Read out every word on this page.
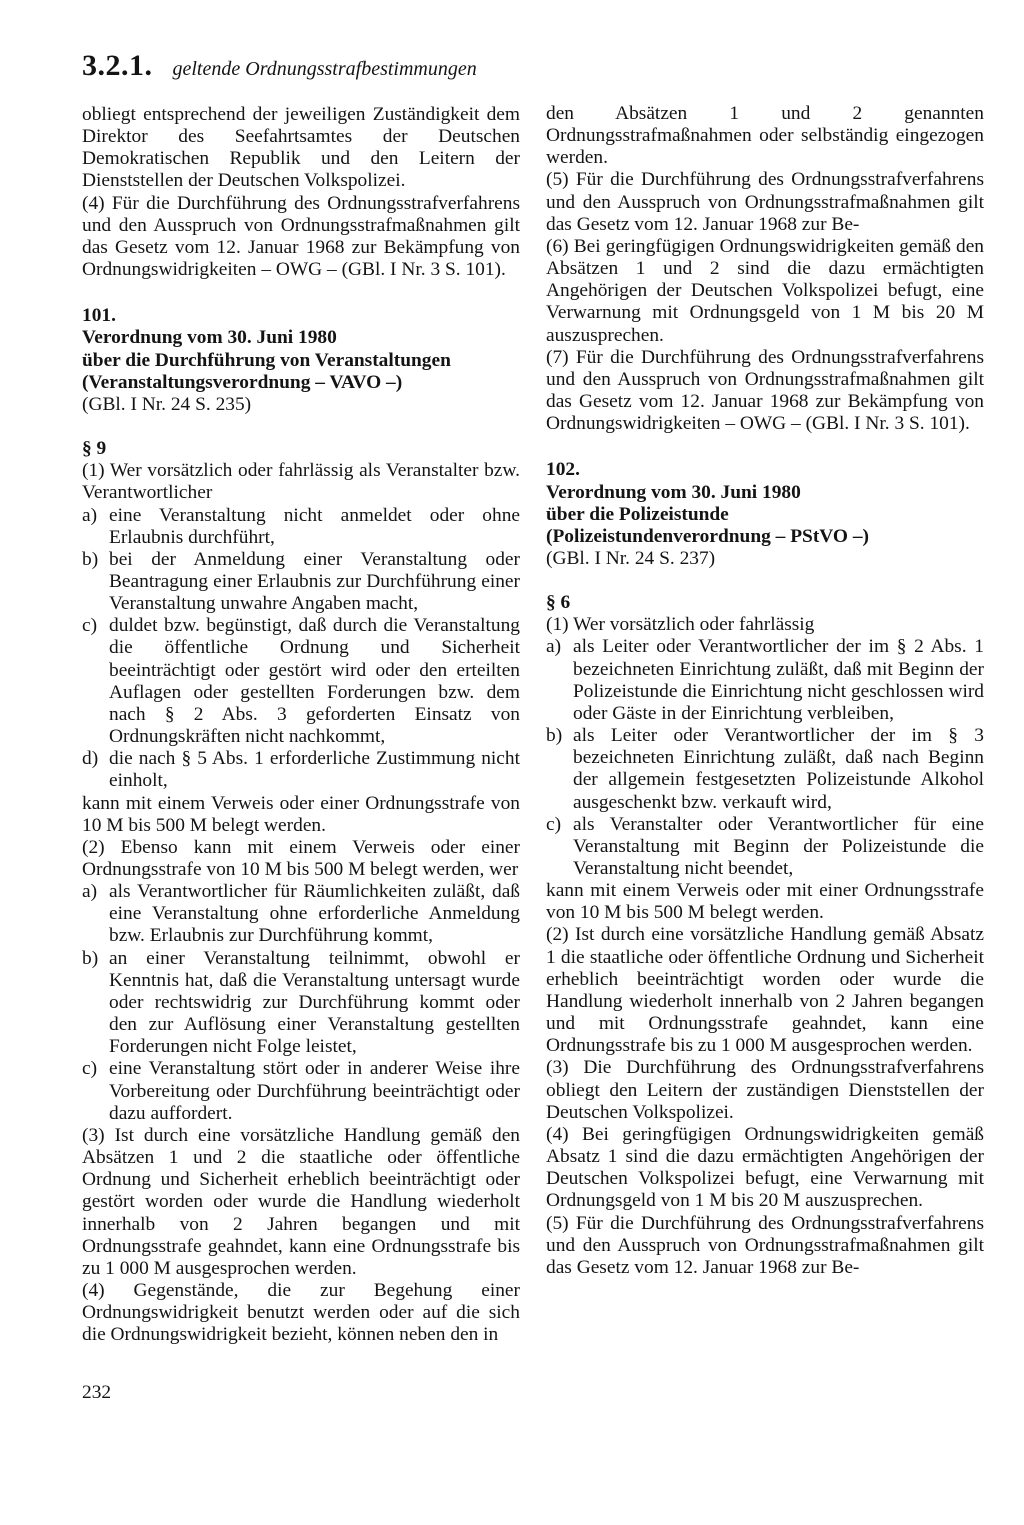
3.2.1. geltende Ordnungsstrafbestimmungen

obliegt entsprechend der jeweiligen Zuständigkeit dem Direktor des Seefahrtsamtes der Deutschen Demokratischen Republik und den Leitern der Dienststellen der Deutschen Volkspolizei.

(4) Für die Durchführung des Ordnungsstrafverfahrens und den Ausspruch von Ordnungsstrafmaßnahmen gilt das Gesetz vom 12. Januar 1968 zur Bekämpfung von Ordnungswidrigkeiten – OWG – (GBl. I Nr. 3 S. 101).

101.
Verordnung vom 30. Juni 1980
über die Durchführung von Veranstaltungen
(Veranstaltungsverordnung – VAVO –)
(GBl. I Nr. 24 S. 235)
§ 9

(1) Wer vorsätzlich oder fahrlässig als Veranstalter bzw. Verantwortlicher

a) eine Veranstaltung nicht anmeldet oder ohne Erlaubnis durchführt,
b) bei der Anmeldung einer Veranstaltung oder Beantragung einer Erlaubnis zur Durchführung einer Veranstaltung unwahre Angaben macht,
c) duldet bzw. begünstigt, daß durch die Veranstaltung die öffentliche Ordnung und Sicherheit beeinträchtigt oder gestört wird oder den erteilten Auflagen oder gestellten Forderungen bzw. dem nach § 2 Abs. 3 geforderten Einsatz von Ordnungskräften nicht nachkommt,
d) die nach § 5 Abs. 1 erforderliche Zustimmung nicht einholt,

kann mit einem Verweis oder einer Ordnungsstrafe von 10 M bis 500 M belegt werden.

(2) Ebenso kann mit einem Verweis oder einer Ordnungsstrafe von 10 M bis 500 M belegt werden, wer

a) als Verantwortlicher für Räumlichkeiten zuläßt, daß eine Veranstaltung ohne erforderliche Anmeldung bzw. Erlaubnis zur Durchführung kommt,
b) an einer Veranstaltung teilnimmt, obwohl er Kenntnis hat, daß die Veranstaltung untersagt wurde oder rechtswidrig zur Durchführung kommt oder den zur Auflösung einer Veranstaltung gestellten Forderungen nicht Folge leistet,
c) eine Veranstaltung stört oder in anderer Weise ihre Vorbereitung oder Durchführung beeinträchtigt oder dazu auffordert.

(3) Ist durch eine vorsätzliche Handlung gemäß den Absätzen 1 und 2 die staatliche oder öffentliche Ordnung und Sicherheit erheblich beeinträchtigt oder gestört worden oder wurde die Handlung wiederholt innerhalb von 2 Jahren begangen und mit Ordnungsstrafe geahndet, kann eine Ordnungsstrafe bis zu 1 000 M ausgesprochen werden.

(4) Gegenstände, die zur Begehung einer Ordnungswidrigkeit benutzt werden oder auf die sich die Ordnungswidrigkeit bezieht, können neben den in

den Absätzen 1 und 2 genannten Ordnungsstrafmaßnahmen oder selbständig eingezogen werden.

(5) Für die Durchführung des Ordnungsstrafverfahrens und den Ausspruch von Ordnungsstrafmaßnahmen gilt das Gesetz vom 12. Januar 1968 zur Be-

(6) Bei geringfügigen Ordnungswidrigkeiten gemäß den Absätzen 1 und 2 sind die dazu ermächtigten Angehörigen der Deutschen Volkspolizei befugt, eine Verwarnung mit Ordnungsgeld von 1 M bis 20 M auszusprechen.

(7) Für die Durchführung des Ordnungsstrafverfahrens und den Ausspruch von Ordnungsstrafmaßnahmen gilt das Gesetz vom 12. Januar 1968 zur Bekämpfung von Ordnungswidrigkeiten – OWG – (GBl. I Nr. 3 S. 101).

102.
Verordnung vom 30. Juni 1980
über die Polizeistunde
(Polizeistundenverordnung – PStVO –)
(GBl. I Nr. 24 S. 237)
§ 6

(1) Wer vorsätzlich oder fahrlässig

a) als Leiter oder Verantwortlicher der im § 2 Abs. 1 bezeichneten Einrichtung zuläßt, daß mit Beginn der Polizeistunde die Einrichtung nicht geschlossen wird oder Gäste in der Einrichtung verbleiben,
b) als Leiter oder Verantwortlicher der im § 3 bezeichneten Einrichtung zuläßt, daß nach Beginn der allgemein festgesetzten Polizeistunde Alkohol ausgeschenkt bzw. verkauft wird,
c) als Veranstalter oder Verantwortlicher für eine Veranstaltung mit Beginn der Polizeistunde die Veranstaltung nicht beendet,

kann mit einem Verweis oder mit einer Ordnungsstrafe von 10 M bis 500 M belegt werden.

(2) Ist durch eine vorsätzliche Handlung gemäß Absatz 1 die staatliche oder öffentliche Ordnung und Sicherheit erheblich beeinträchtigt worden oder wurde die Handlung wiederholt innerhalb von 2 Jahren begangen und mit Ordnungsstrafe geahndet, kann eine Ordnungsstrafe bis zu 1 000 M ausgesprochen werden.

(3) Die Durchführung des Ordnungsstrafverfahrens obliegt den Leitern der zuständigen Dienststellen der Deutschen Volkspolizei.

(4) Bei geringfügigen Ordnungswidrigkeiten gemäß Absatz 1 sind die dazu ermächtigten Angehörigen der Deutschen Volkspolizei befugt, eine Verwarnung mit Ordnungsgeld von 1 M bis 20 M auszusprechen.

(5) Für die Durchführung des Ordnungsstrafverfahrens und den Ausspruch von Ordnungsstrafmaßnahmen gilt das Gesetz vom 12. Januar 1968 zur Be-

232
